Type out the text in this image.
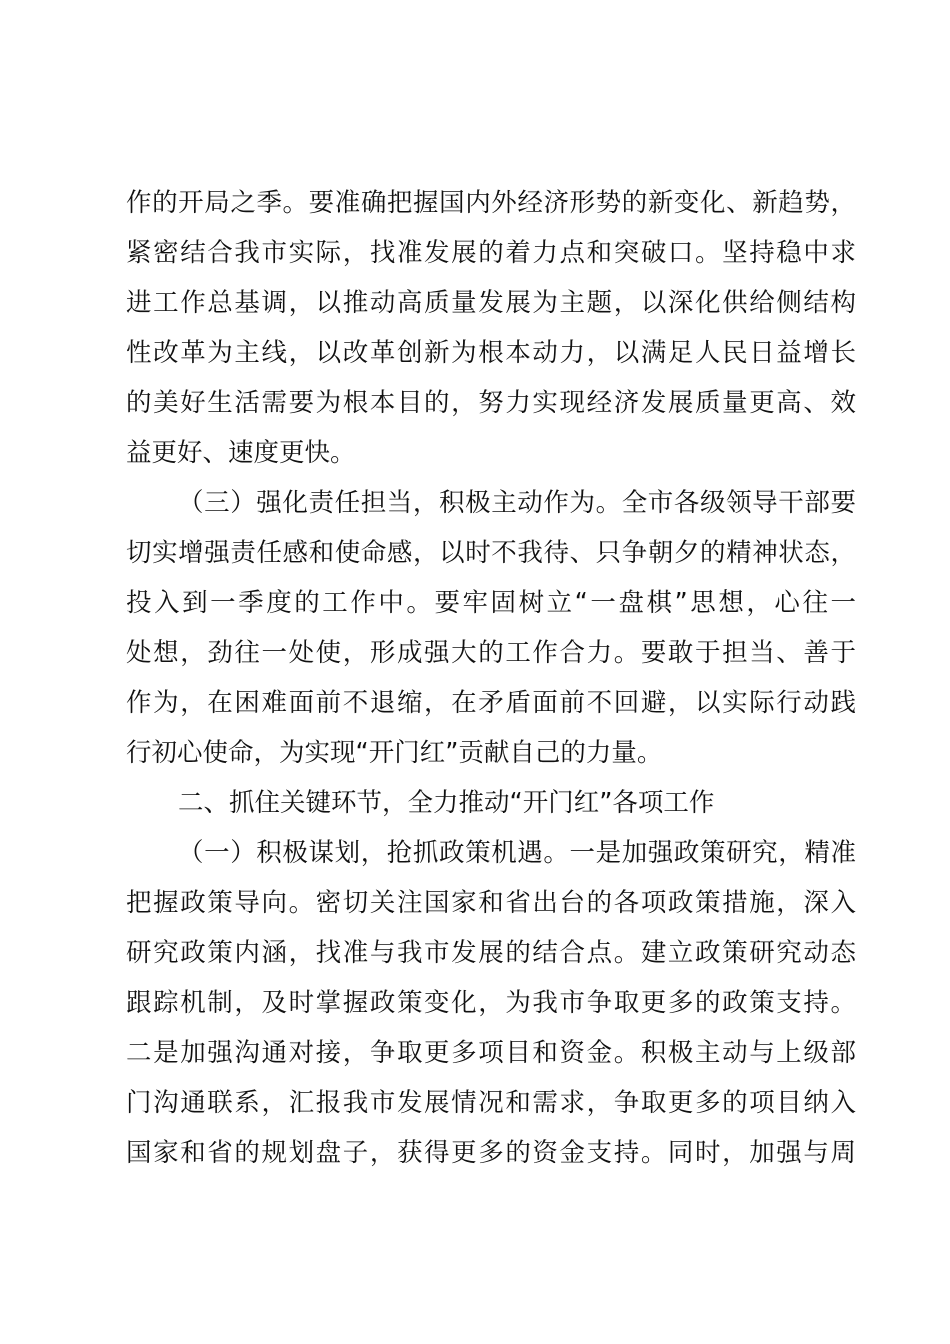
作的开局之季。要准确把握国内外经济形势的新变化、新趋势，
紧密结合我市实际，找准发展的着力点和突破口。坚持稳中求
进工作总基调，以推动高质量发展为主题，以深化供给侧结构
性改革为主线，以改革创新为根本动力，以满足人民日益增长
的美好生活需要为根本目的，努力实现经济发展质量更高、效
益更好、速度更快。
（三）强化责任担当，积极主动作为。全市各级领导干部要
切实增强责任感和使命感，以时不我待、只争朝夕的精神状态，
投入到一季度的工作中。要牢固树立“一盘棋”思想，心往一
处想，劲往一处使，形成强大的工作合力。要敢于担当、善于
作为，在困难面前不退缩，在矛盾面前不回避，以实际行动践
行初心使命，为实现“开门红”贡献自己的力量。
二、抓住关键环节，全力推动“开门红”各项工作
（一）积极谋划，抢抓政策机遇。一是加强政策研究，精准
把握政策导向。密切关注国家和省出台的各项政策措施，深入
研究政策内涵，找准与我市发展的结合点。建立政策研究动态
跟踪机制，及时掌握政策变化，为我市争取更多的政策支持。
二是加强沟通对接，争取更多项目和资金。积极主动与上级部
门沟通联系，汇报我市发展情况和需求，争取更多的项目纳入
国家和省的规划盘子，获得更多的资金支持。同时，加强与周
